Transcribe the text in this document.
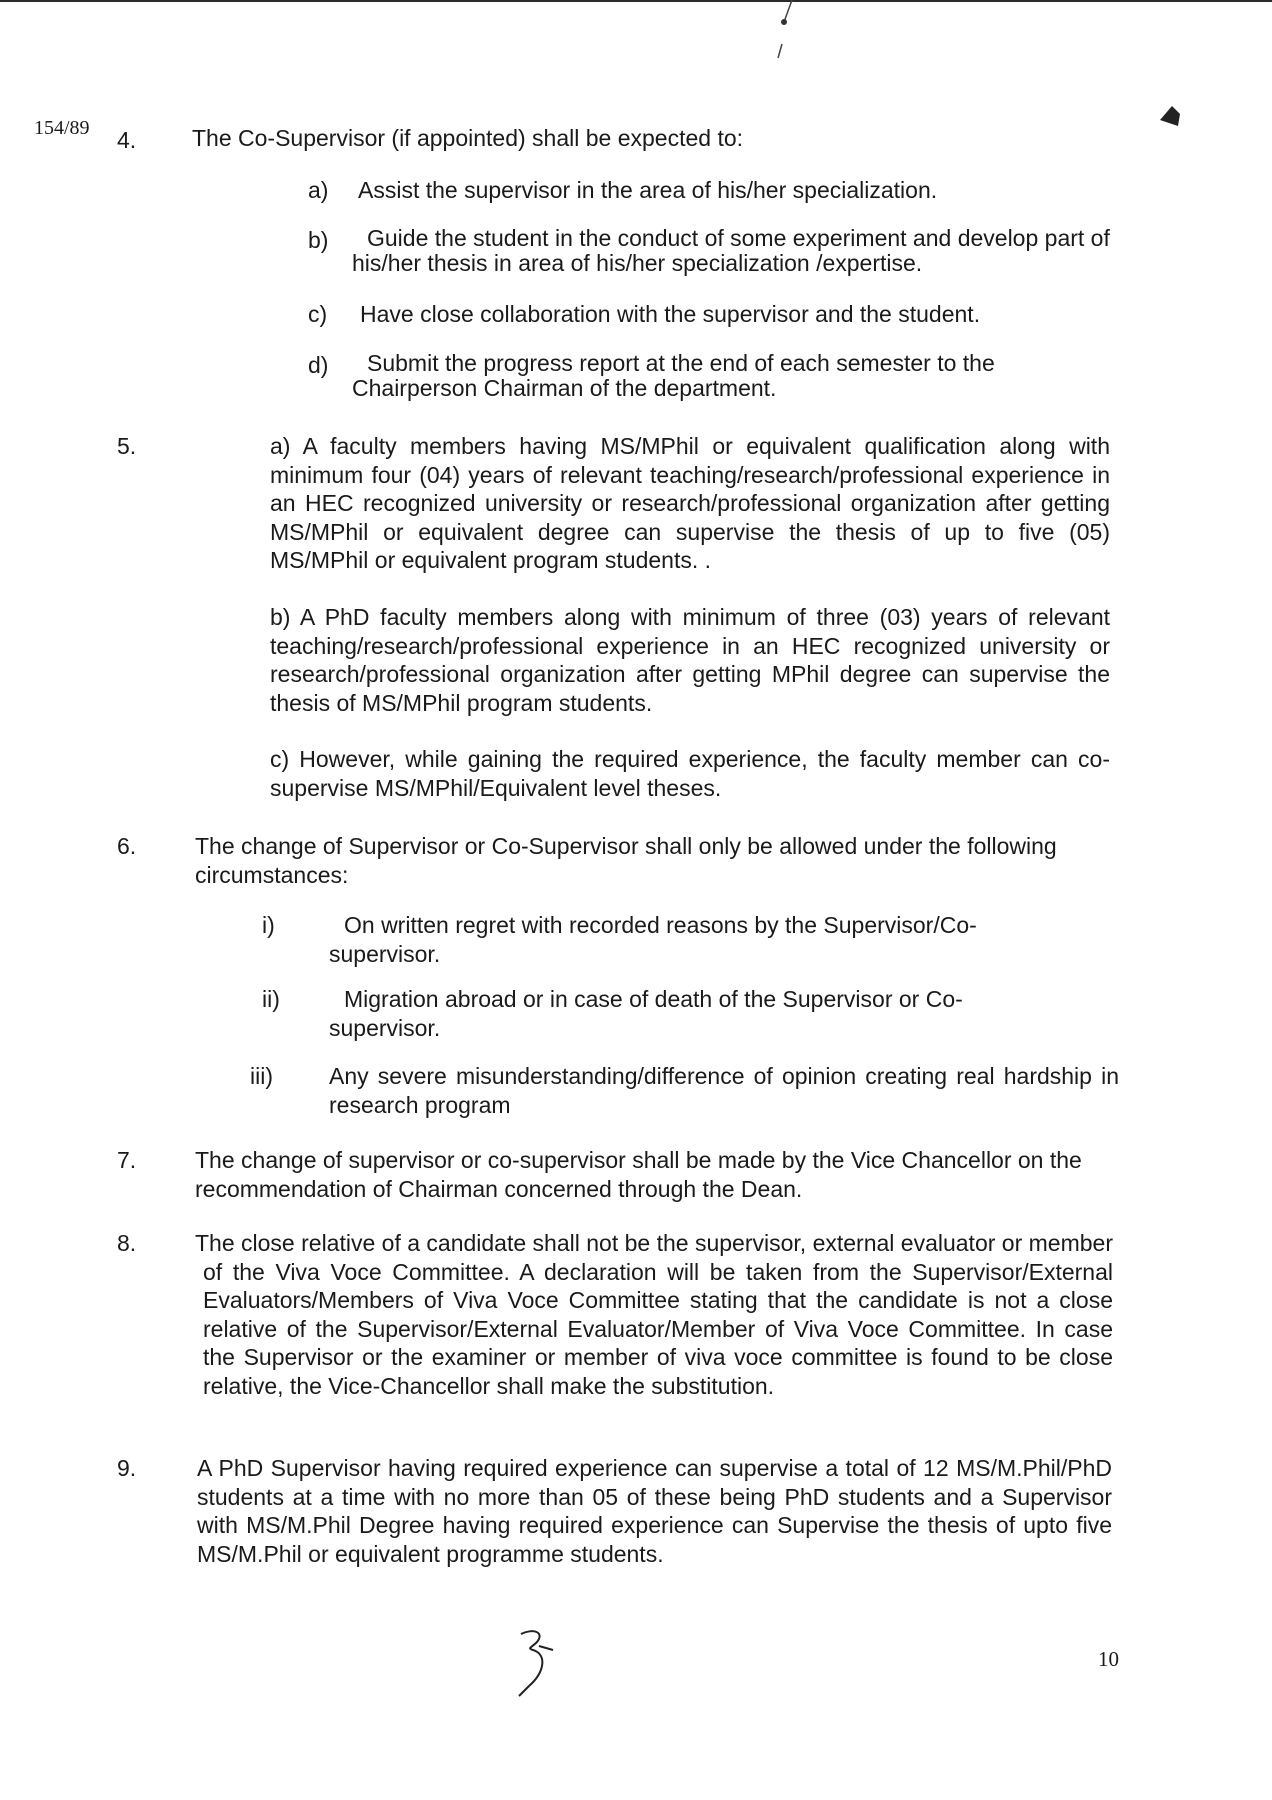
154/89 4. The Co-Supervisor (if appointed) shall be expected to:
a) Assist the supervisor in the area of his/her specialization.
b)	Guide the student in the conduct of some experiment and develop part of his/her thesis in area of his/her specialization /expertise.
c) Have close collaboration with the supervisor and the student.
d)	Submit the progress report at the end of each semester to the Chairperson Chairman of the department.
5.	a) A faculty members having MS/MPhil or equivalent qualification along with minimum four (04) years of relevant teaching/research/professional experience in an HEC recognized university or research/professional organization after getting MS/MPhil or equivalent degree can supervise the thesis of up to five (05) MS/MPhil or equivalent program students. .
b) A PhD faculty members along with minimum of three (03) years of relevant teaching/research/professional experience in an HEC recognized university or research/professional organization after getting MPhil degree can supervise the thesis of MS/MPhil program students.
c) However, while gaining the required experience, the faculty member can co-supervise MS/MPhil/Equivalent level theses.
6.	The change of Supervisor or Co-Supervisor shall only be allowed under the following circumstances:
i)	On written regret with recorded reasons by the Supervisor/Co-supervisor.
ii)	Migration abroad or in case of death of the Supervisor or Co-supervisor.
iii) Any severe misunderstanding/difference of opinion creating real hardship in research program
7.	The change of supervisor or co-supervisor shall be made by the Vice Chancellor on the recommendation of Chairman concerned through the Dean.
8.	The close relative of a candidate shall not be the supervisor, external evaluator or member of the Viva Voce Committee. A declaration will be taken from the Supervisor/External Evaluators/Members of Viva Voce Committee stating that the candidate is not a close relative of the Supervisor/External Evaluator/Member of Viva Voce Committee. In case the Supervisor or the examiner or member of viva voce committee is found to be close relative, the Vice-Chancellor shall make the substitution.
9.	A PhD Supervisor having required experience can supervise a total of 12 MS/M.Phil/PhD students at a time with no more than 05 of these being PhD students and a Supervisor with MS/M.Phil Degree having required experience can Supervise the thesis of upto five MS/M.Phil or equivalent programme students.
10
